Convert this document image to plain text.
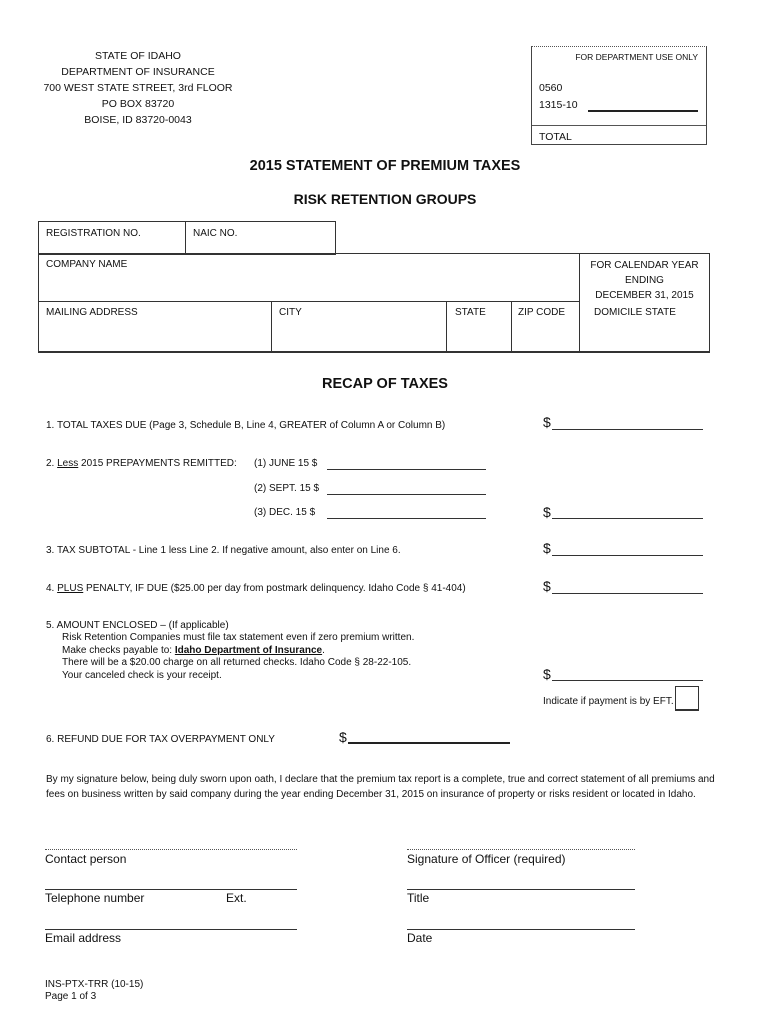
STATE OF IDAHO
DEPARTMENT OF INSURANCE
700 WEST STATE STREET, 3rd FLOOR
PO BOX 83720
BOISE, ID 83720-0043
FOR DEPARTMENT USE ONLY
0560
1315-10
TOTAL
2015 STATEMENT OF PREMIUM TAXES
RISK RETENTION GROUPS
REGISTRATION NO.	NAIC NO.
COMPANY NAME	FOR CALENDAR YEAR
ENDING
DECEMBER 31, 2015
MAILING ADDRESS	CITY	STATE	ZIP CODE	DOMICILE STATE
RECAP OF TAXES
1. TOTAL TAXES DUE (Page 3, Schedule B, Line 4, GREATER of Column A or Column B)	$
2. Less 2015 PREPAYMENTS REMITTED: (1) JUNE 15 $
(2) SEPT. 15 $
(3) DEC. 15 $	$
3. TAX SUBTOTAL - Line 1 less Line 2. If negative amount, also enter on Line 6.	$
4. PLUS PENALTY, IF DUE ($25.00 per day from postmark delinquency. Idaho Code § 41-404)	$
5. AMOUNT ENCLOSED – (If applicable)
Risk Retention Companies must file tax statement even if zero premium written.
Make checks payable to: Idaho Department of Insurance.
There will be a $20.00 charge on all returned checks. Idaho Code § 28-22-105.
Your canceled check is your receipt.	$
Indicate if payment is by EFT.
6. REFUND DUE FOR TAX OVERPAYMENT ONLY	$
By my signature below, being duly sworn upon oath, I declare that the premium tax report is a complete, true and correct statement of all premiums and fees on business written by said company during the year ending December 31, 2015 on insurance of property or risks resident or located in Idaho.
Contact person	Signature of Officer (required)
Telephone number	Ext.	Title
Email address	Date
INS-PTX-TRR (10-15)
Page 1 of 3
